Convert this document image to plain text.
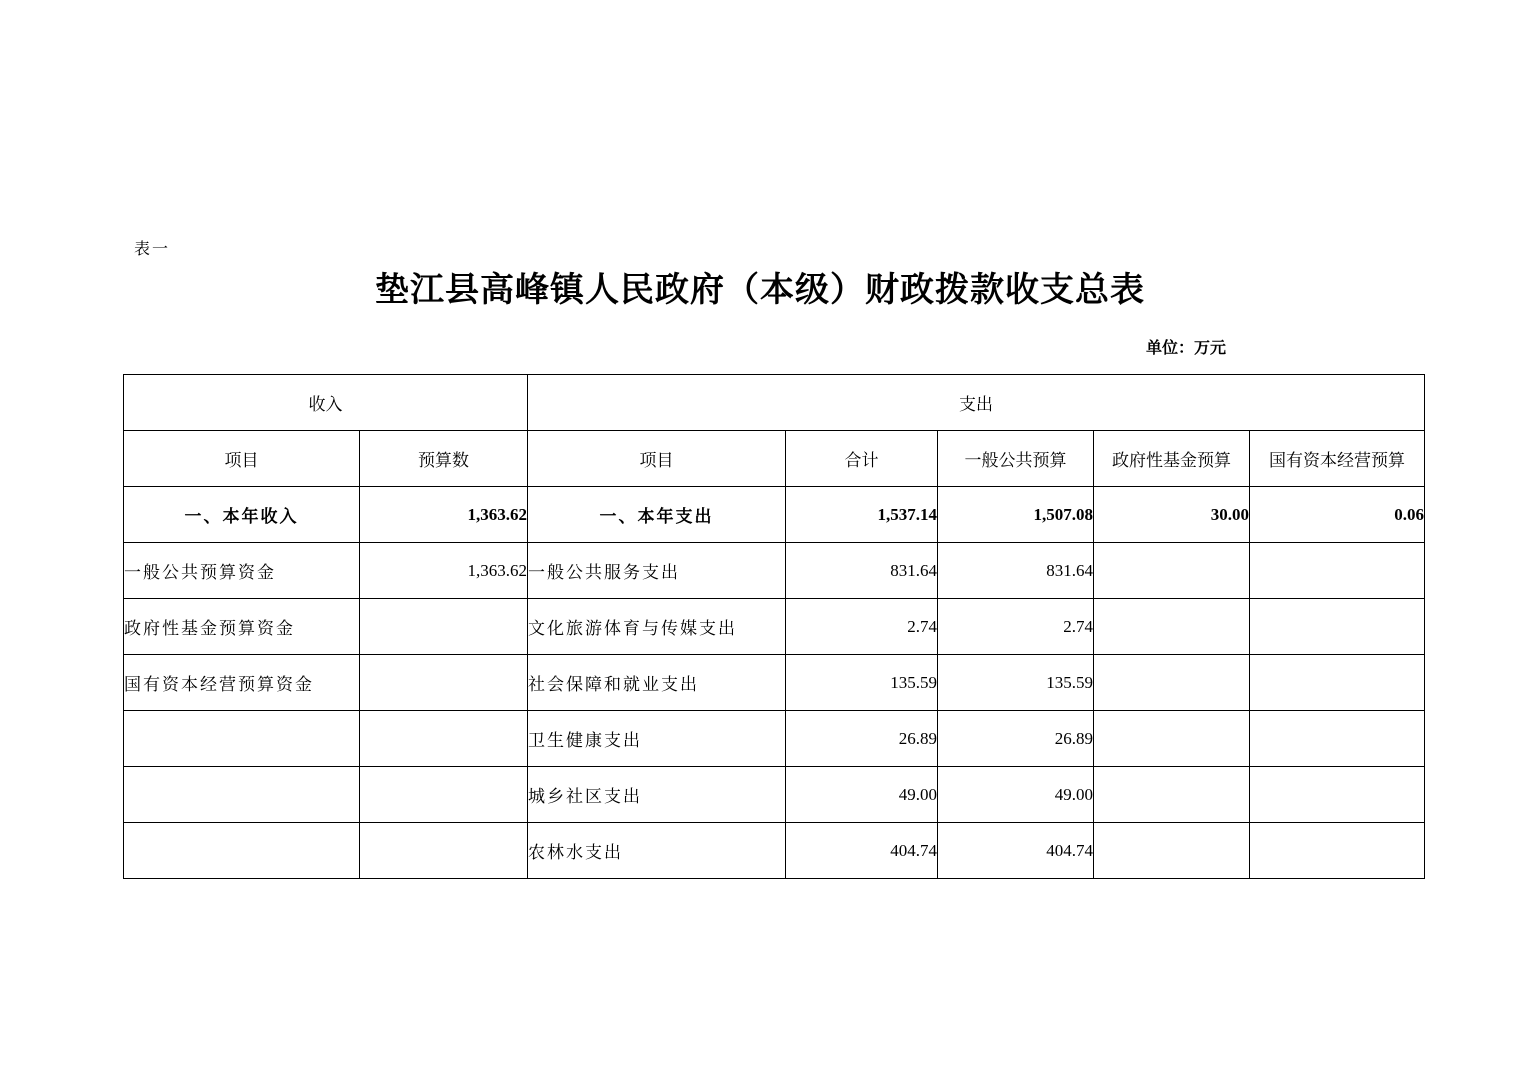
表一
垫江县高峰镇人民政府（本级）财政拨款收支总表
单位：万元
收入		支出				
项目	预算数	项目	合计	一般公共预算	政府性基金预算	国有资本经营预算
一、本年收入	1,363.62	一、本年支出	1,537.14	1,507.08	30.00	0.06
一般公共预算资金	1,363.62	一般公共服务支出	831.64	831.64		
政府性基金预算资金		文化旅游体育与传媒支出	2.74	2.74		
国有资本经营预算资金		社会保障和就业支出	135.59	135.59		
		卫生健康支出	26.89	26.89		
		城乡社区支出	49.00	49.00		
		农林水支出	404.74	404.74		
